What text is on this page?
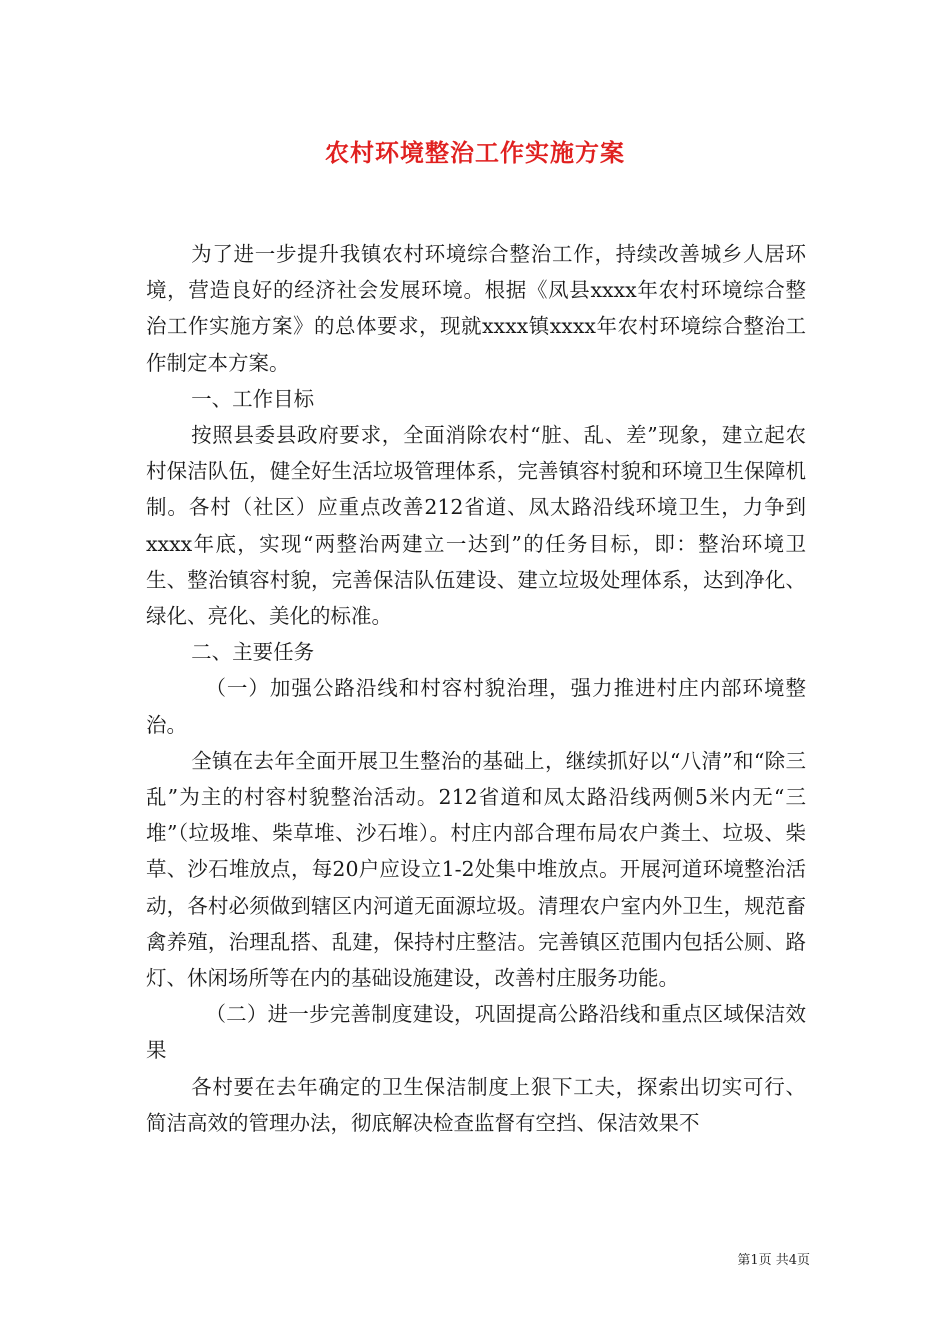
农村环境整治工作实施方案

为了进一步提升我镇农村环境综合整治工作，持续改善城乡人居环境，营造良好的经济社会发展环境。根据《凤县xxxx年农村环境综合整治工作实施方案》的总体要求，现就xxxx镇xxxx年农村环境综合整治工作制定本方案。

一、工作目标

按照县委县政府要求，全面消除农村“脏、乱、差”现象，建立起农村保洁队伍，健全好生活垃圾管理体系，完善镇容村貌和环境卫生保障机制。各村（社区）应重点改善212省道、凤太路沿线环境卫生，力争到xxxx年底，实现“两整治两建立一达到”的任务目标，即：整治环境卫生、整治镇容村貌，完善保洁队伍建设、建立垃圾处理体系，达到净化、绿化、亮化、美化的标准。

二、主要任务

（一）加强公路沿线和村容村貌治理，强力推进村庄内部环境整治。

全镇在去年全面开展卫生整治的基础上，继续抓好以“八清”和“除三乱”为主的村容村貌整治活动。212省道和凤太路沿线两侧5米内无“三堆”（垃圾堆、柴草堆、沙石堆）。村庄内部合理布局农户粪土、垃圾、柴草、沙石堆放点，每20户应设立1-2处集中堆放点。开展河道环境整治活动，各村必须做到辖区内河道无面源垃圾。清理农户室内外卫生，规范畜禽养殖，治理乱搭、乱建，保持村庄整洁。完善镇区范围内包括公厕、路灯、休闲场所等在内的基础设施建设，改善村庄服务功能。

（二）进一步完善制度建设，巩固提高公路沿线和重点区域保洁效果

各村要在去年确定的卫生保洁制度上狠下工夫，探索出切实可行、简洁高效的管理办法，彻底解决检查监督有空挡、保洁效果不

第1页 共4页
